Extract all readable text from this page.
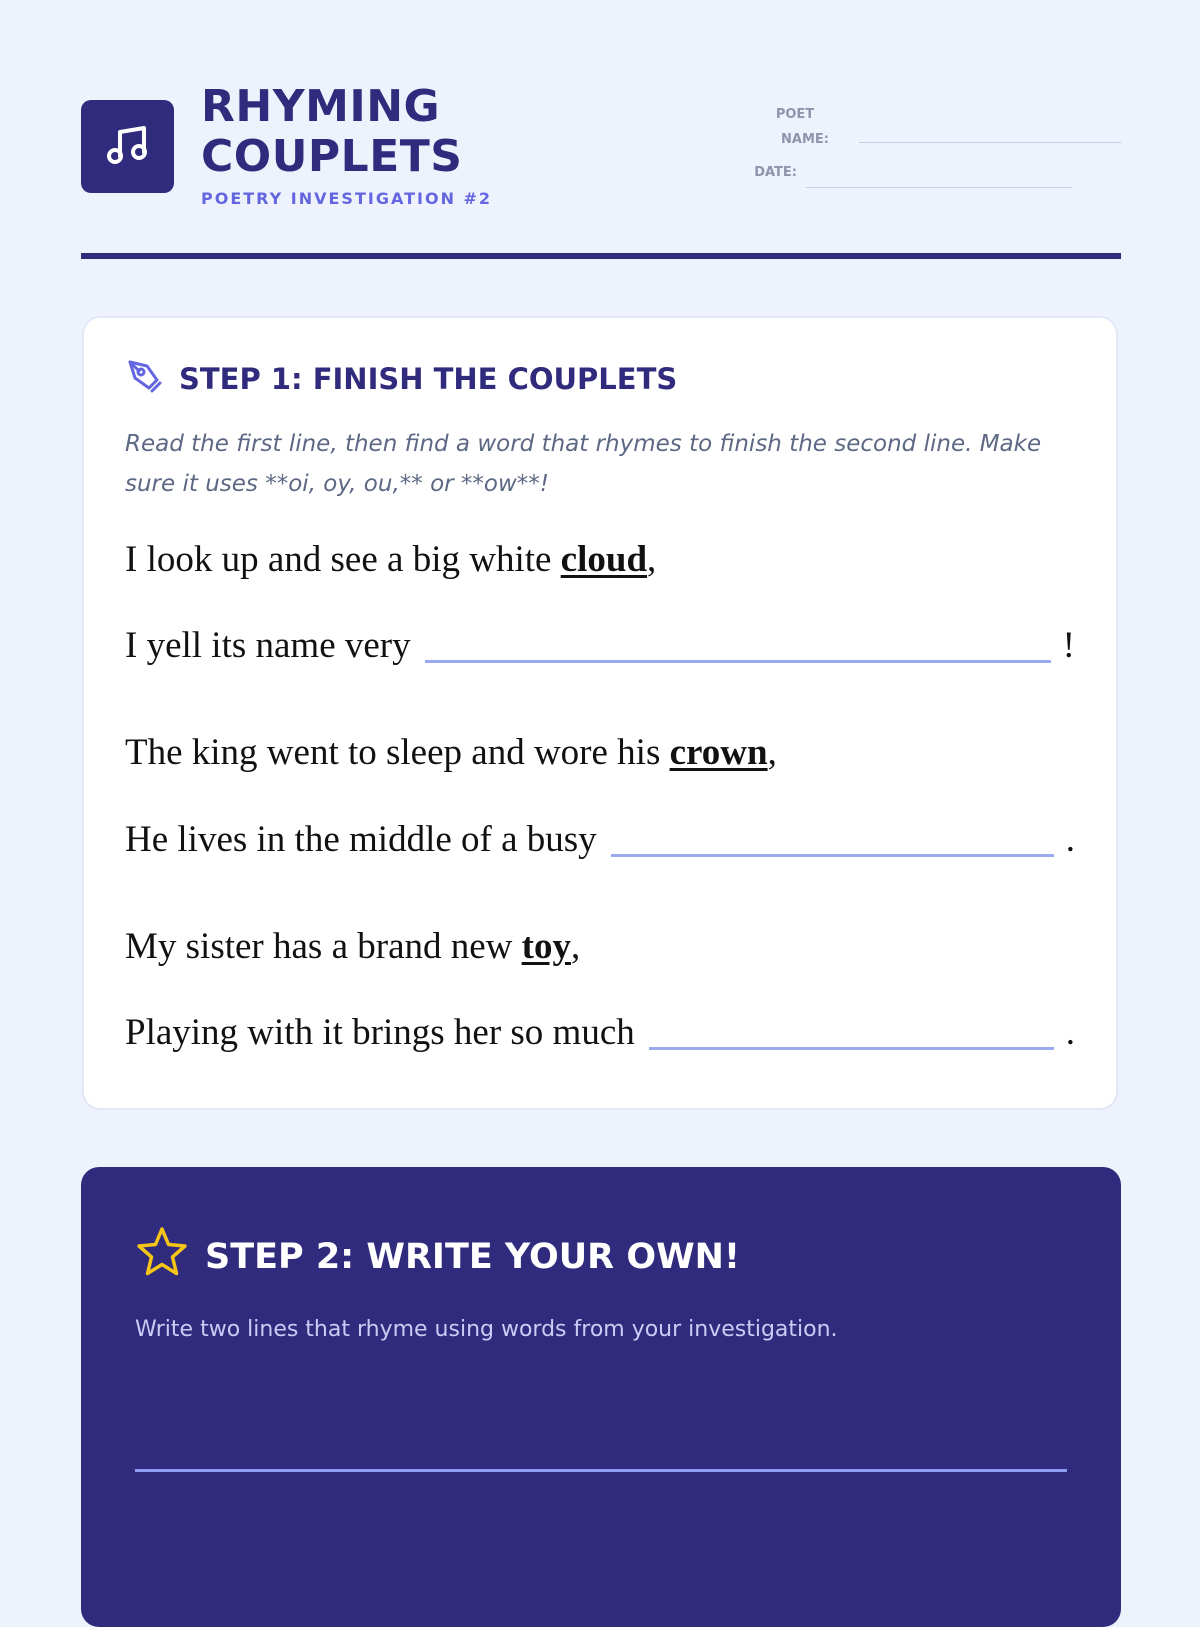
RHYMING
COUPLETS
POETRY INVESTIGATION #2
POET
NAME:
DATE:
STEP 1: FINISH THE COUPLETS
Read the first line, then find a word that rhymes to finish the second line. Make sure it uses **oi, oy, ou,** or **ow**!
I look up and see a big white cloud ,
I yell its name very	!
The king went to sleep and wore his crown ,
He lives in the middle of a busy	.
My sister has a brand new toy ,
Playing with it brings her so much	.
STEP 2: WRITE YOUR OWN!
Write two lines that rhyme using words from your investigation.
